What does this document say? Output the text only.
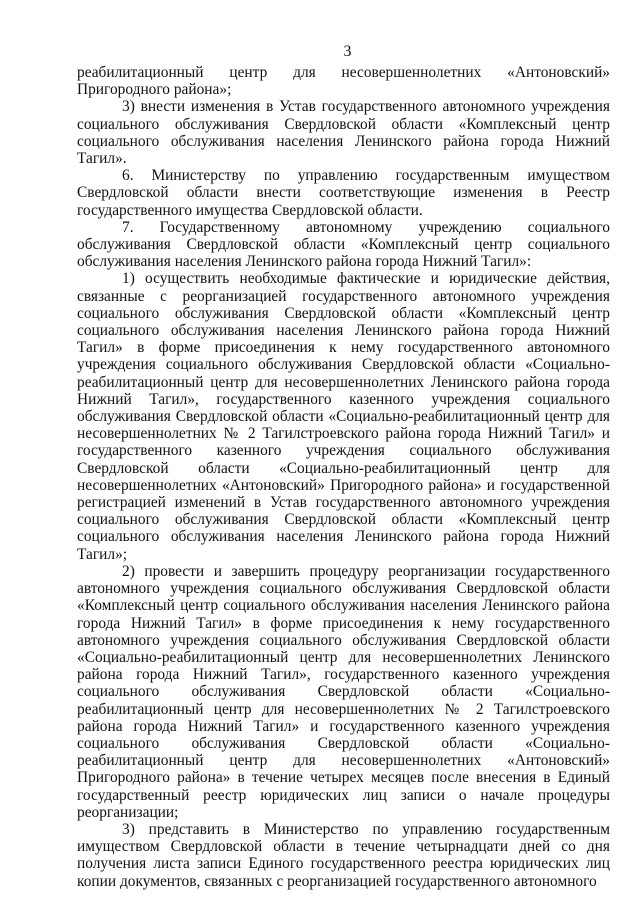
3

реабилитационный центр для несовершеннолетних «Антоновский» Пригородного района»;

3) внести изменения в Устав государственного автономного учреждения социального обслуживания Свердловской области «Комплексный центр социального обслуживания населения Ленинского района города Нижний Тагил».

6. Министерству по управлению государственным имуществом Свердловской области внести соответствующие изменения в Реестр государственного имущества Свердловской области.

7. Государственному автономному учреждению социального обслуживания Свердловской области «Комплексный центр социального обслуживания населения Ленинского района города Нижний Тагил»:

1) осуществить необходимые фактические и юридические действия, связанные с реорганизацией государственного автономного учреждения социального обслуживания Свердловской области «Комплексный центр социального обслуживания населения Ленинского района города Нижний Тагил» в форме присоединения к нему государственного автономного учреждения социального обслуживания Свердловской области «Социально-реабилитационный центр для несовершеннолетних Ленинского района города Нижний Тагил», государственного казенного учреждения социального обслуживания Свердловской области «Социально-реабилитационный центр для несовершеннолетних № 2 Тагилстроевского района города Нижний Тагил» и государственного казенного учреждения социального обслуживания Свердловской области «Социально-реабилитационный центр для несовершеннолетних «Антоновский» Пригородного района» и государственной регистрацией изменений в Устав государственного автономного учреждения социального обслуживания Свердловской области «Комплексный центр социального обслуживания населения Ленинского района города Нижний Тагил»;

2) провести и завершить процедуру реорганизации государственного автономного учреждения социального обслуживания Свердловской области «Комплексный центр социального обслуживания населения Ленинского района города Нижний Тагил» в форме присоединения к нему государственного автономного учреждения социального обслуживания Свердловской области «Социально-реабилитационный центр для несовершеннолетних Ленинского района города Нижний Тагил», государственного казенного учреждения социального обслуживания Свердловской области «Социально-реабилитационный центр для несовершеннолетних № 2 Тагилстроевского района города Нижний Тагил» и государственного казенного учреждения социального обслуживания Свердловской области «Социально-реабилитационный центр для несовершеннолетних «Антоновский» Пригородного района» в течение четырех месяцев после внесения в Единый государственный реестр юридических лиц записи о начале процедуры реорганизации;

3) представить в Министерство по управлению государственным имуществом Свердловской области в течение четырнадцати дней со дня получения листа записи Единого государственного реестра юридических лиц копии документов, связанных с реорганизацией государственного автономного
